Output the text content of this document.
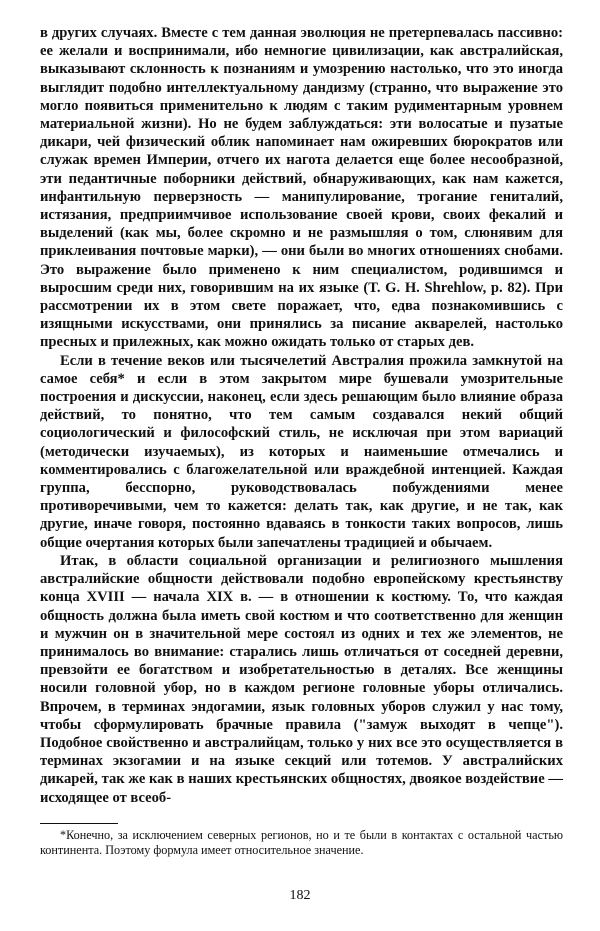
в других случаях. Вместе с тем данная эволюция не претерпевалась пассивно: ее желали и воспринимали, ибо немногие цивилизации, как австралийская, выказывают склонность к познаниям и умозрению настолько, что это иногда выглядит подобно интеллектуальному дандизму (странно, что выражение это могло появиться применительно к людям с таким рудиментарным уровнем материальной жизни). Но не будем заблуждаться: эти волосатые и пузатые дикари, чей физический облик напоминает нам ожиревших бюрократов или служак времен Империи, отчего их нагота делается еще более несообразной, эти педантичные поборники действий, обнаруживающих, как нам кажется, инфантильную перверзность — манипулирование, трогание гениталий, истязания, предприимчивое использование своей крови, своих фекалий и выделений (как мы, более скромно и не размышляя о том, слюнявим для приклеивания почтовые марки), — они были во многих отношениях снобами. Это выражение было применено к ним специалистом, родившимся и выросшим среди них, говорившим на их языке (T. G. H. Shrehlow, p. 82). При рассмотрении их в этом свете поражает, что, едва познакомившись с изящными искусствами, они принялись за писание акварелей, настолько пресных и прилежных, как можно ожидать только от старых дев.

Если в течение веков или тысячелетий Австралия прожила замкнутой на самое себя* и если в этом закрытом мире бушевали умозрительные построения и дискуссии, наконец, если здесь решающим было влияние образа действий, то понятно, что тем самым создавался некий общий социологический и философский стиль, не исключая при этом вариаций (методически изучаемых), из которых и наименьшие отмечались и комментировались с благожелательной или враждебной интенцией. Каждая группа, бесспорно, руководствовалась побуждениями менее противоречивыми, чем то кажется: делать так, как другие, и не так, как другие, иначе говоря, постоянно вдаваясь в тонкости таких вопросов, лишь общие очертания которых были запечатлены традицией и обычаем.

Итак, в области социальной организации и религиозного мышления австралийские общности действовали подобно европейскому крестьянству конца XVIII — начала XIX в. — в отношении к костюму. То, что каждая общность должна была иметь свой костюм и что соответственно для женщин и мужчин он в значительной мере состоял из одних и тех же элементов, не принималось во внимание: старались лишь отличаться от соседней деревни, превзойти ее богатством и изобретательностью в деталях. Все женщины носили головной убор, но в каждом регионе головные уборы отличались. Впрочем, в терминах эндогамии, язык головных уборов служил у нас тому, чтобы сформулировать брачные правила ("замуж выходят в чепце"). Подобное свойственно и австралийцам, только у них все это осуществляется в терминах экзогамии и на языке секций или тотемов. У австралийских дикарей, так же как в наших крестьянских общностях, двоякое воздействие — исходящее от всеоб-

*Конечно, за исключением северных регионов, но и те были в контактах с остальной частью континента. Поэтому формула имеет относительное значение.

182
